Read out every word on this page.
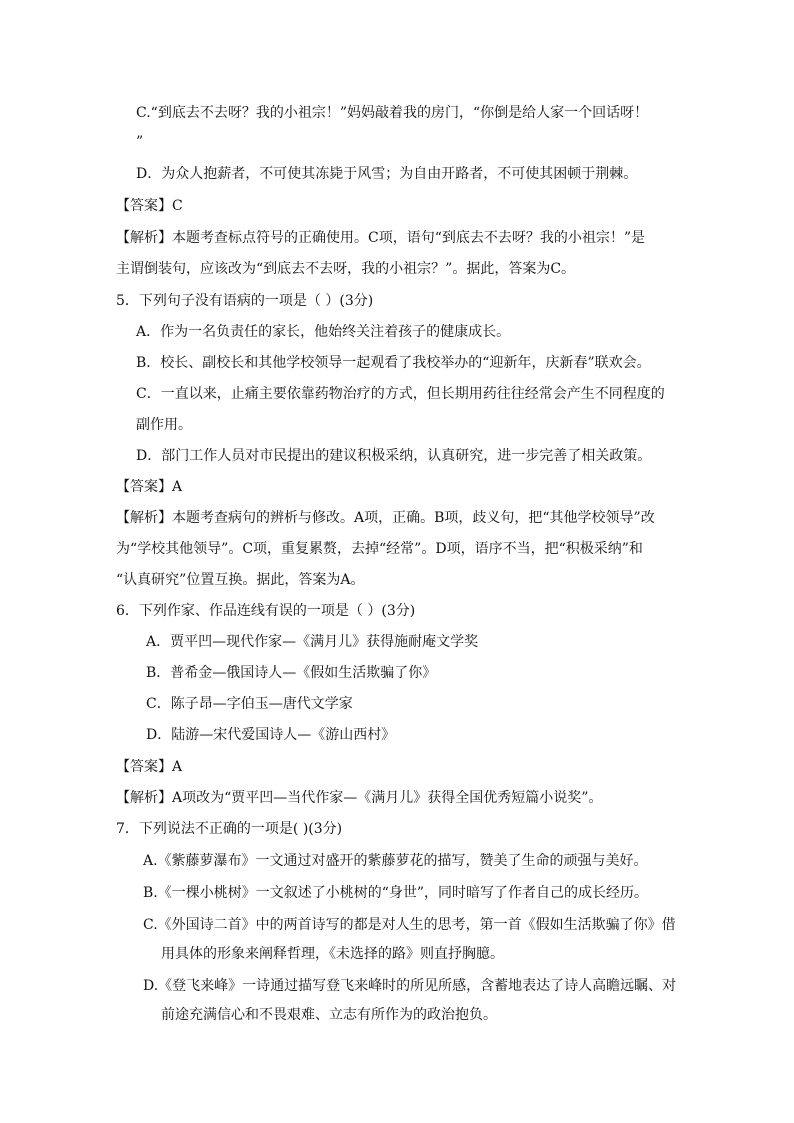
C.“到底去不去呀？我的小祖宗！”妈妈敲着我的房门，“你倒是给人家一个回话呀！
”
D．为众人抱薪者，不可使其冻毙于风雪；为自由开路者，不可使其困顿于荆棘。
【答案】C
【解析】本题考查标点符号的正确使用。C项，语句“到底去不去呀？我的小祖宗！”是
主谓倒装句，应该改为“到底去不去呀，我的小祖宗？”。据此，答案为C。
5．下列句子没有语病的一项是（ ）(3分)
A．作为一名负责任的家长，他始终关注着孩子的健康成长。
B．校长、副校长和其他学校领导一起观看了我校举办的“迎新年，庆新春”联欢会。
C．一直以来，止痛主要依靠药物治疗的方式，但长期用药往往经常会产生不同程度的
副作用。
D．部门工作人员对市民提出的建议积极采纳，认真研究，进一步完善了相关政策。
【答案】A
【解析】本题考查病句的辨析与修改。A项，正确。B项，歧义句，把“其他学校领导”改
为“学校其他领导”。C项，重复累赘，去掉“经常”。D项，语序不当，把“积极采纳”和
“认真研究”位置互换。据此，答案为A。
6．下列作家、作品连线有误的一项是（ ）(3分)
A．贾平凹—现代作家—《满月儿》获得施耐庵文学奖
B．普希金—俄国诗人—《假如生活欺骗了你》
C．陈子昂—字伯玉—唐代文学家
D．陆游—宋代爱国诗人—《游山西村》
【答案】A
【解析】A项改为“贾平凹—当代作家—《满月儿》获得全国优秀短篇小说奖”。
7．下列说法不正确的一项是( )(3分)
A.《紫藤萝瀑布》一文通过对盛开的紫藤萝花的描写，赞美了生命的顽强与美好。
B.《一棵小桃树》一文叙述了小桃树的“身世”，同时暗写了作者自己的成长经历。
C.《外国诗二首》中的两首诗写的都是对人生的思考，第一首《假如生活欺骗了你》借
用具体的形象来阐释哲理，《未选择的路》则直抒胸臆。
D.《登飞来峰》一诗通过描写登飞来峰时的所见所感，含蓄地表达了诗人高瞻远瞩、对
前途充满信心和不畏艰难、立志有所作为的政治抱负。
